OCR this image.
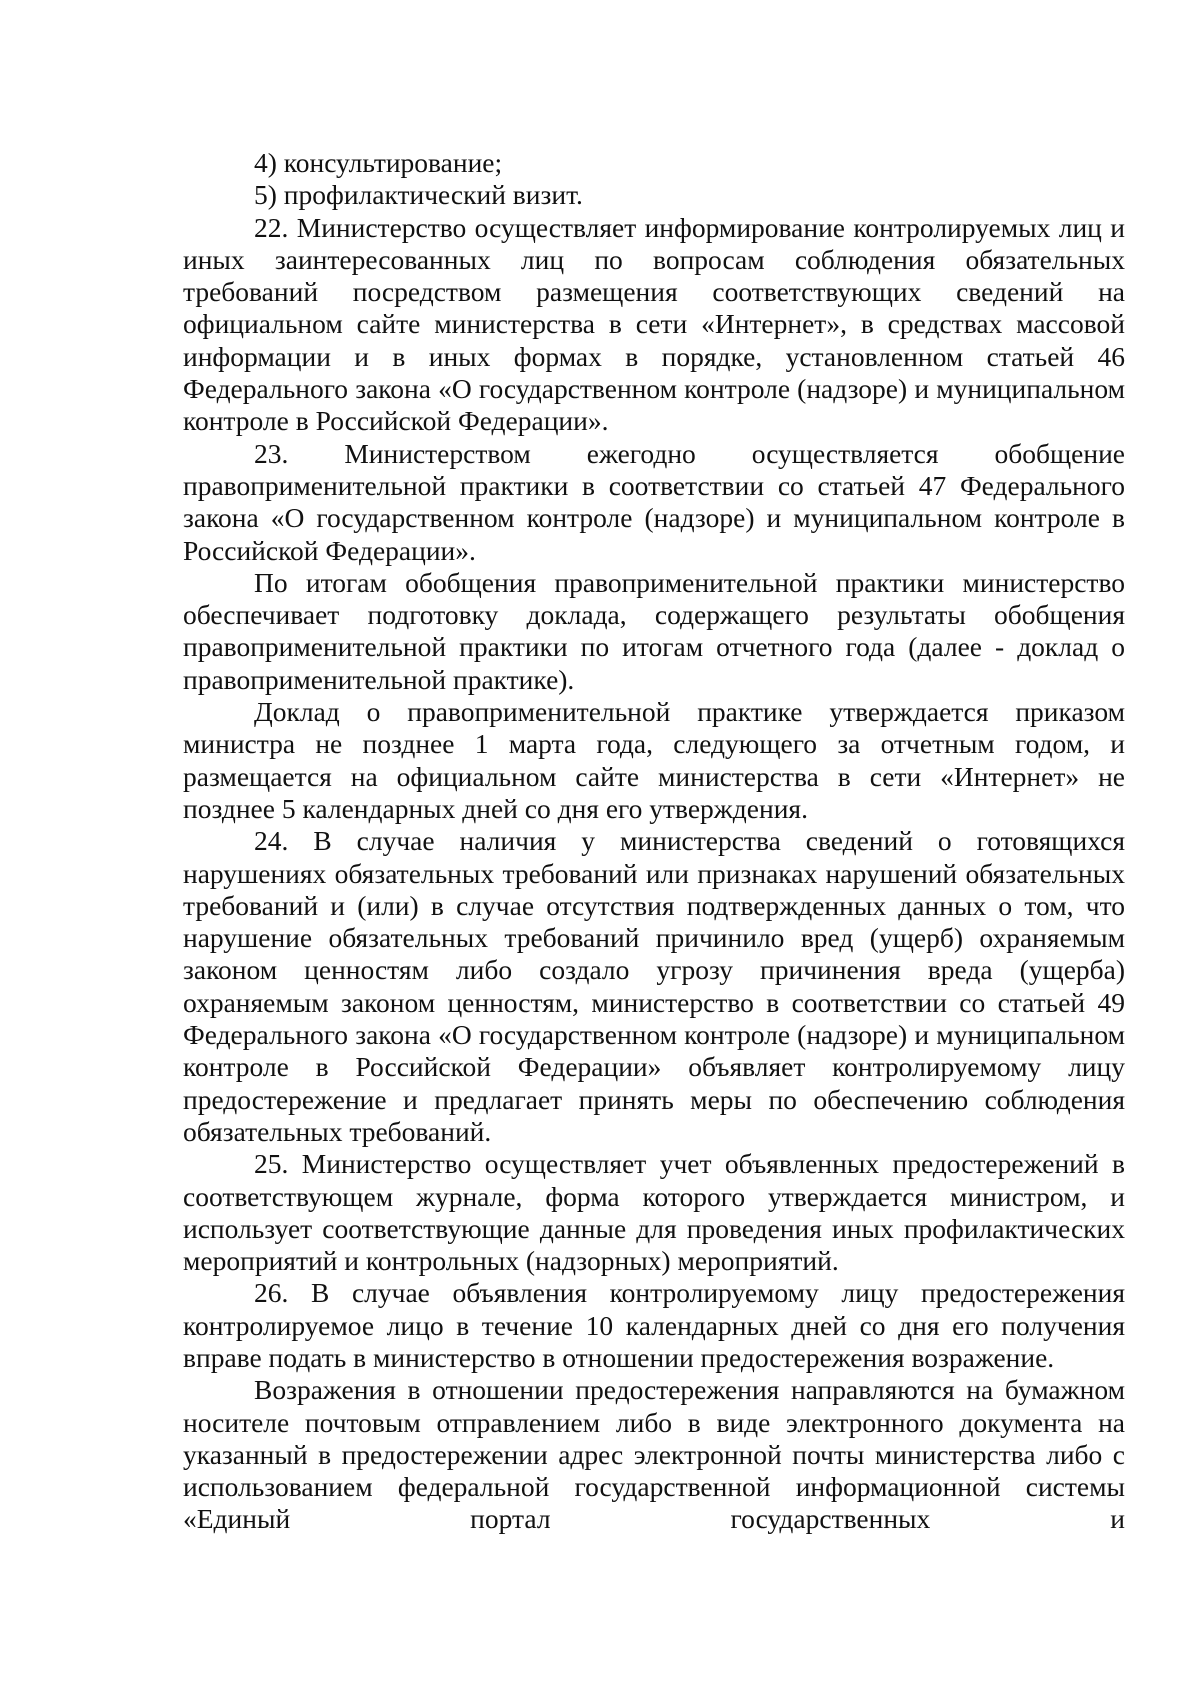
4) консультирование;

5) профилактический визит.

22. Министерство осуществляет информирование контролируемых лиц и иных заинтересованных лиц по вопросам соблюдения обязательных требований посредством размещения соответствующих сведений на официальном сайте министерства в сети «Интернет», в средствах массовой информации и в иных формах в порядке, установленном статьей 46 Федерального закона «О государственном контроле (надзоре) и муниципальном контроле в Российской Федерации».

23. Министерством ежегодно осуществляется обобщение правоприменительной практики в соответствии со статьей 47 Федерального закона «О государственном контроле (надзоре) и муниципальном контроле в Российской Федерации».

По итогам обобщения правоприменительной практики министерство обеспечивает подготовку доклада, содержащего результаты обобщения правоприменительной практики по итогам отчетного года (далее - доклад о правоприменительной практике).

Доклад о правоприменительной практике утверждается приказом министра не позднее 1 марта года, следующего за отчетным годом, и размещается на официальном сайте министерства в сети «Интернет» не позднее 5 календарных дней со дня его утверждения.

24. В случае наличия у министерства сведений о готовящихся нарушениях обязательных требований или признаках нарушений обязательных требований и (или) в случае отсутствия подтвержденных данных о том, что нарушение обязательных требований причинило вред (ущерб) охраняемым законом ценностям либо создало угрозу причинения вреда (ущерба) охраняемым законом ценностям, министерство в соответствии со статьей 49 Федерального закона «О государственном контроле (надзоре) и муниципальном контроле в Российской Федерации» объявляет контролируемому лицу предостережение и предлагает принять меры по обеспечению соблюдения обязательных требований.

25. Министерство осуществляет учет объявленных предостережений в соответствующем журнале, форма которого утверждается министром, и использует соответствующие данные для проведения иных профилактических мероприятий и контрольных (надзорных) мероприятий.

26. В случае объявления контролируемому лицу предостережения контролируемое лицо в течение 10 календарных дней со дня его получения вправе подать в министерство в отношении предостережения возражение.

Возражения в отношении предостережения направляются на бумажном носителе почтовым отправлением либо в виде электронного документа на указанный в предостережении адрес электронной почты министерства либо с использованием федеральной государственной информационной системы «Единый портал государственных и
